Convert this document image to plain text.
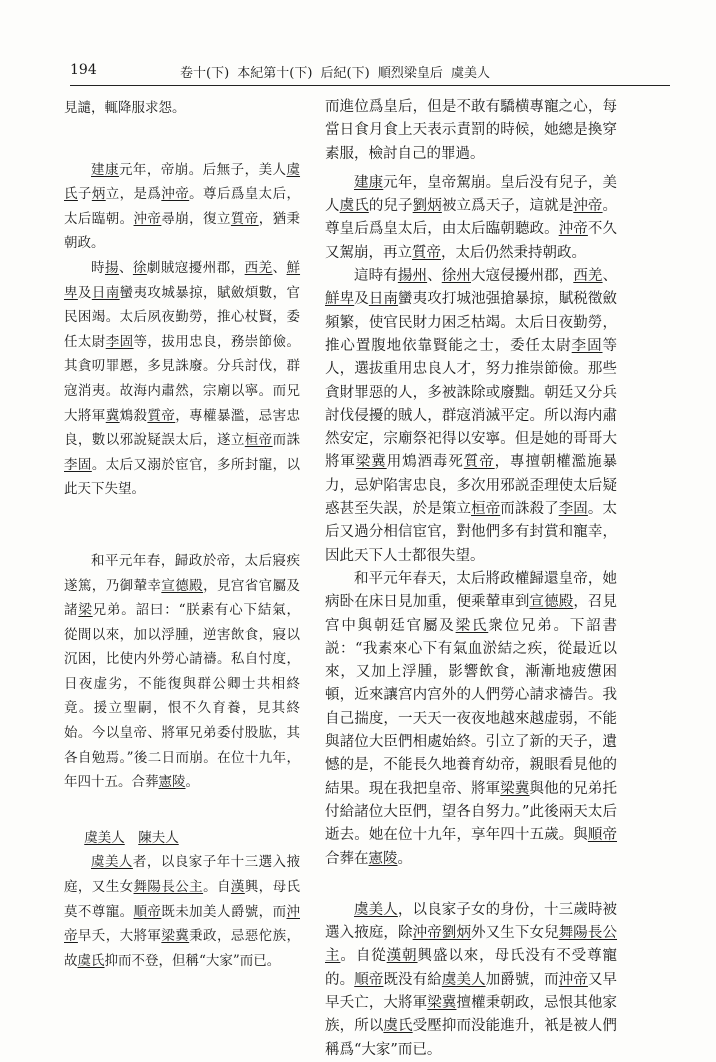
194	卷十(下) 本紀第十(下) 后紀(下) 順烈梁皇后 虞美人

見譴，輒降服求怨。

建康元年，帝崩。后無子，美人虞氏子炳立，是爲沖帝。尊后爲皇太后，太后臨朝。沖帝尋崩，復立質帝，猶秉朝政。

時揚、徐劇賊寇擾州郡，西羌、鮮卑及日南蠻夷攻城暴掠，賦斂煩數，官民困竭。太后夙夜勤勞，推心杖賢，委任太尉李固等，拔用忠良，務崇節儉。其貪叨罪慝，多見誅廢。分兵討伐，群寇消夷。故海内肅然，宗廟以寧。而兄大將軍冀鴆殺質帝，專權暴濫，忌害忠良，數以邪說疑誤太后，遂立桓帝而誅李固。太后又溺於宦官，多所封寵，以此天下失望。

和平元年春，歸政於帝，太后寢疾遂篤，乃御輦幸宣德殿，見宫省官屬及諸梁兄弟。詔曰：“朕素有心下結氣，從間以來，加以浮腫，逆害飲食，寢以沉困，比使内外勞心請禱。私自忖度，日夜虚劣，不能復與群公卿士共相終竟。援立聖嗣，恨不久育養，見其終始。今以皇帝、將軍兄弟委付股肱，其各自勉焉。”後二日而崩。在位十九年，年四十五。合葬憲陵。

虞美人　 陳夫人

虞美人者，以良家子年十三選入掖庭，又生女舞陽長公主。自漢興，母氏莫不尊寵。順帝既未加美人爵號，而沖帝早夭，大將軍梁冀秉政，忌惡佗族，故虞氏抑而不登，但稱“大家”而已。

而進位爲皇后，但是不敢有驕横專寵之心，每當日食月食上天表示責罰的時候，她總是換穿素服，檢討自己的罪過。

建康元年，皇帝駕崩。皇后没有兒子，美人虞氏的兒子劉炳被立爲天子，這就是沖帝。尊皇后爲皇太后，由太后臨朝聽政。沖帝不久又駕崩，再立質帝，太后仍然秉持朝政。

這時有揚州、徐州大寇侵擾州郡，西羌、鮮卑及日南蠻夷攻打城池强搶暴掠，賦税徵斂頻繁，使官民財力困乏枯竭。太后日夜勤勞，推心置腹地依靠賢能之士，委任太尉李固等人，選拔重用忠良人才，努力推崇節儉。那些貪財罪惡的人，多被誅除或廢黜。朝廷又分兵討伐侵擾的賊人，群寇消滅平定。所以海内肅然安定，宗廟祭祀得以安寧。但是她的哥哥大將軍梁冀用鴆酒毒死質帝，專擅朝權濫施暴力，忌妒陷害忠良，多次用邪説歪理使太后疑惑甚至失誤，於是策立桓帝而誅殺了李固。太后又過分相信宦官，對他們多有封賞和寵幸，因此天下人士都很失望。

和平元年春天，太后將政權歸還皇帝，她病卧在床日見加重，便乘輦車到宣德殿，召見宫中與朝廷官屬及梁氏衆位兄弟。下詔書説：“我素來心下有氣血淤結之疾，從最近以來，又加上浮腫，影響飲食，漸漸地疲憊困頓，近來讓宫内宫外的人們勞心請求禱告。我自己揣度，一天天一夜夜地越來越虚弱，不能與諸位大臣們相處始終。引立了新的天子，遺憾的是，不能長久地養育幼帝，親眼看見他的結果。現在我把皇帝、將軍梁冀與他的兄弟托付給諸位大臣們，望各自努力。”此後兩天太后逝去。她在位十九年，享年四十五歲。與順帝合葬在憲陵。

虞美人，以良家子女的身份，十三歲時被選入掖庭，除沖帝劉炳外又生下女兒舞陽長公主。自從漢朝興盛以來，母氏没有不受尊寵的。順帝既没有給虞美人加爵號，而沖帝又早早夭亡，大將軍梁冀擅權秉朝政，忌恨其他家族，所以虞氏受壓抑而没能進升，衹是被人們稱爲“大家”而已。
